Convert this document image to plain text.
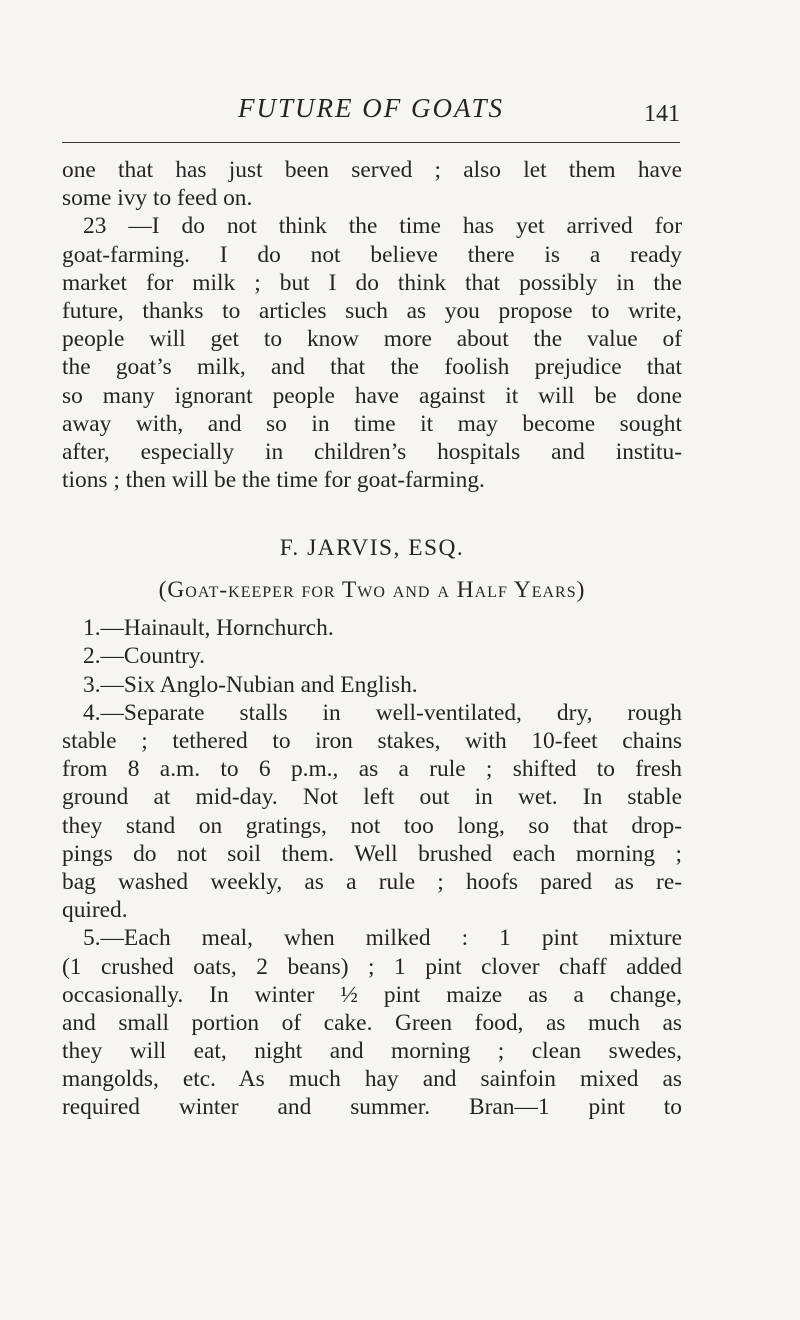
FUTURE OF GOATS	141
one that has just been served ; also let them have
some ivy to feed on.
23 —I do not think the time has yet arrived for
goat-farming. I do not believe there is a ready
market for milk ; but I do think that possibly in the
future, thanks to articles such as you propose to write,
people will get to know more about the value of
the goat’s milk, and that the foolish prejudice that
so many ignorant people have against it will be done
away with, and so in time it may become sought
after, especially in children’s hospitals and institu-
tions ; then will be the time for goat-farming.
F. JARVIS, ESQ.
(Goat-keeper for Two and a Half Years)
1.—Hainault, Hornchurch.
2.—Country.
3.—Six Anglo-Nubian and English.
4.—Separate stalls in well-ventilated, dry, rough
stable ; tethered to iron stakes, with 10-feet chains
from 8 a.m. to 6 p.m., as a rule ; shifted to fresh
ground at mid-day. Not left out in wet. In stable
they stand on gratings, not too long, so that drop-
pings do not soil them. Well brushed each morning ;
bag washed weekly, as a rule ; hoofs pared as re-
quired.
5.—Each meal, when milked : 1 pint mixture
(1 crushed oats, 2 beans) ; 1 pint clover chaff added
occasionally. In winter ½ pint maize as a change,
and small portion of cake. Green food, as much as
they will eat, night and morning ; clean swedes,
mangolds, etc. As much hay and sainfoin mixed as
required winter and summer. Bran—1 pint to
